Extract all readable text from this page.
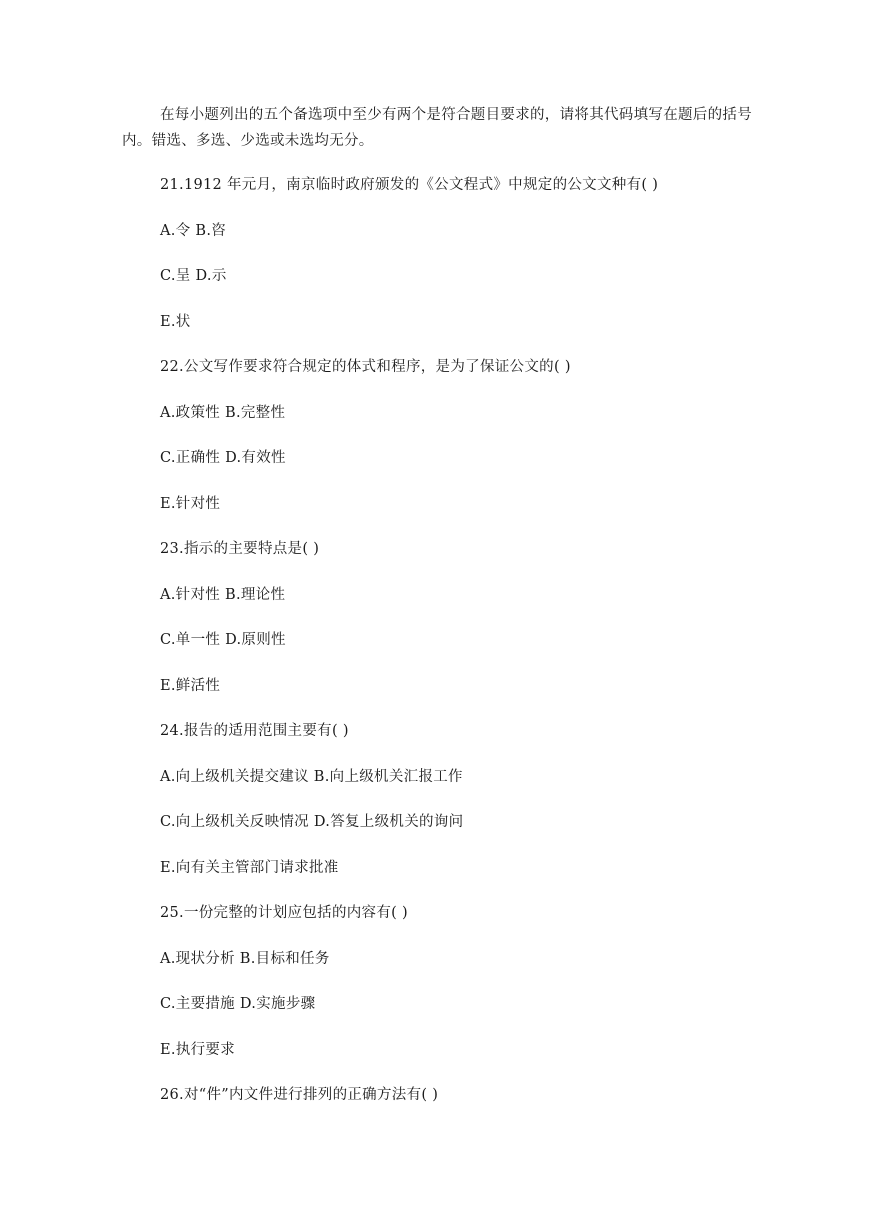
在每小题列出的五个备选项中至少有两个是符合题目要求的，请将其代码填写在题后的括号内。错选、多选、少选或未选均无分。

21.1912 年元月，南京临时政府颁发的《公文程式》中规定的公文文种有( )
A.令 B.咨
C.呈 D.示
E.状
22.公文写作要求符合规定的体式和程序，是为了保证公文的( )
A.政策性 B.完整性
C.正确性 D.有效性
E.针对性
23.指示的主要特点是( )
A.针对性 B.理论性
C.单一性 D.原则性
E.鲜活性
24.报告的适用范围主要有( )
A.向上级机关提交建议 B.向上级机关汇报工作
C.向上级机关反映情况 D.答复上级机关的询问
E.向有关主管部门请求批准
25.一份完整的计划应包括的内容有( )
A.现状分析 B.目标和任务
C.主要措施 D.实施步骤
E.执行要求
26.对“件”内文件进行排列的正确方法有( )
